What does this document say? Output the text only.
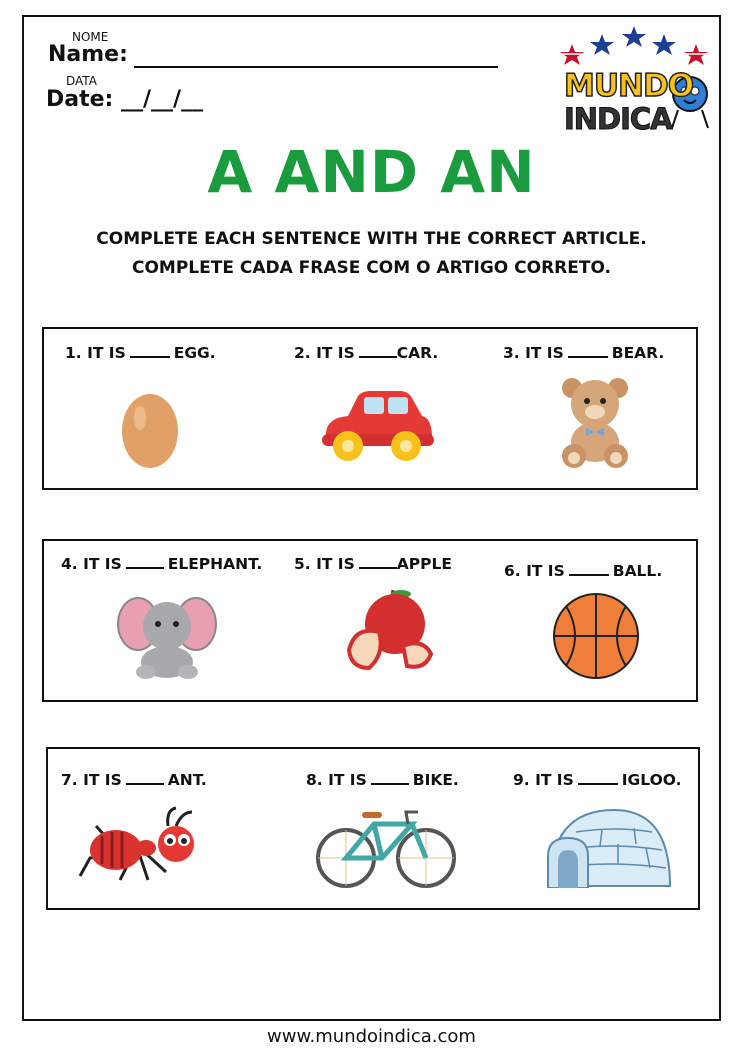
NOME
Name:
DATA
Date: __/__/__	MUNDO
INDICA
A AND AN
COMPLETE EACH SENTENCE WITH THE CORRECT ARTICLE.
COMPLETE CADA FRASE COM O ARTIGO CORRETO.
1. IT IS	EGG.	2. IT IS	CAR.	3. IT IS	BEAR.
4. IT IS	ELEPHANT. 5. IT IS	APPLE	6. IT IS	BALL.
7. IT IS	ANT.	8. IT IS	BIKE.	9. IT IS	IGLOO.
www.mundoindica.com
